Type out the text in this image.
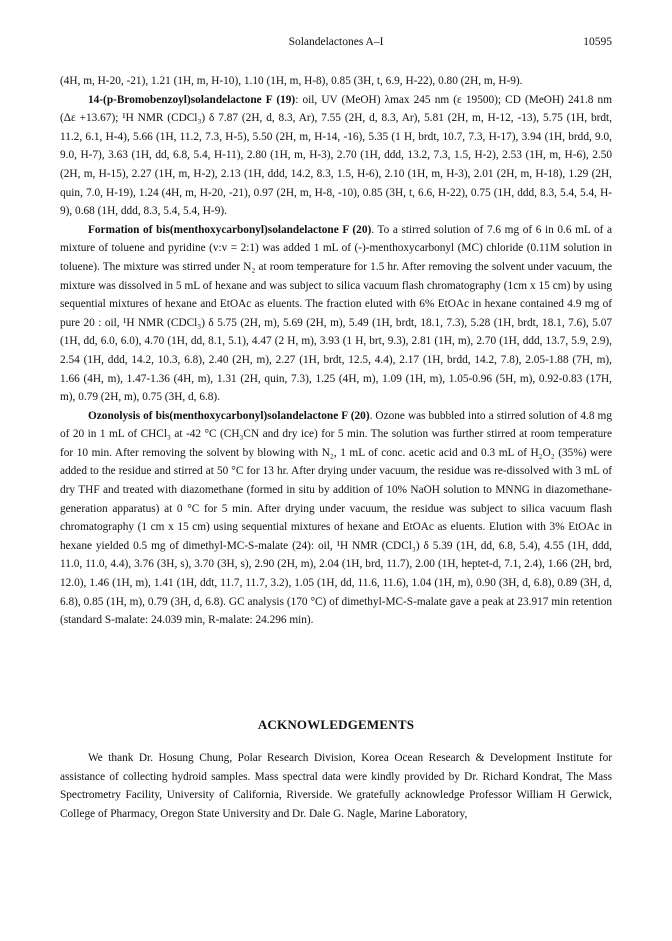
Solandelactones A–I	10595

(4H, m, H-20, -21), 1.21 (1H, m, H-10), 1.10 (1H, m, H-8), 0.85 (3H, t, 6.9, H-22), 0.80 (2H, m, H-9).

14-(p-Bromobenzoyl)solandelactone F (19): oil, UV (MeOH) λmax 245 nm (ε 19500); CD (MeOH) 241.8 nm (Δε +13.67); ¹H NMR (CDCl₃) δ 7.87 (2H, d, 8.3, Ar), 7.55 (2H, d, 8.3, Ar), 5.81 (2H, m, H-12, -13), 5.75 (1H, brdt, 11.2, 6.1, H-4), 5.66 (1H, 11.2, 7.3, H-5), 5.50 (2H, m, H-14, -16), 5.35 (1 H, brdt, 10.7, 7.3, H-17), 3.94 (1H, brdd, 9.0, 9.0, H-7), 3.63 (1H, dd, 6.8, 5.4, H-11), 2.80 (1H, m, H-3), 2.70 (1H, ddd, 13.2, 7.3, 1.5, H-2), 2.53 (1H, m, H-6), 2.50 (2H, m, H-15), 2.27 (1H, m, H-2), 2.13 (1H, ddd, 14.2, 8.3, 1.5, H-6), 2.10 (1H, m, H-3), 2.01 (2H, m, H-18), 1.29 (2H, quin, 7.0, H-19), 1.24 (4H, m, H-20, -21), 0.97 (2H, m, H-8, -10), 0.85 (3H, t, 6.6, H-22), 0.75 (1H, ddd, 8.3, 5.4, 5.4, H-9), 0.68 (1H, ddd, 8.3, 5.4, 5.4, H-9).

Formation of bis(menthoxycarbonyl)solandelactone F (20). To a stirred solution of 7.6 mg of 6 in 0.6 mL of a mixture of toluene and pyridine (v:v = 2:1) was added 1 mL of (-)-menthoxycarbonyl (MC) chloride (0.11M solution in toluene). The mixture was stirred under N₂ at room temperature for 1.5 hr. After removing the solvent under vacuum, the mixture was dissolved in 5 mL of hexane and was subject to silica vacuum flash chromatography (1cm x 15 cm) by using sequential mixtures of hexane and EtOAc as eluents. The fraction eluted with 6% EtOAc in hexane contained 4.9 mg of pure 20 : oil, ¹H NMR (CDCl₃) δ 5.75 (2H, m), 5.69 (2H, m), 5.49 (1H, brdt, 18.1, 7.3), 5.28 (1H, brdt, 18.1, 7.6), 5.07 (1H, dd, 6.0, 6.0), 4.70 (1H, dd, 8.1, 5.1), 4.47 (2 H, m), 3.93 (1 H, brt, 9.3), 2.81 (1H, m), 2.70 (1H, ddd, 13.7, 5.9, 2.9), 2.54 (1H, ddd, 14.2, 10.3, 6.8), 2.40 (2H, m), 2.27 (1H, brdt, 12.5, 4.4), 2.17 (1H, brdd, 14.2, 7.8), 2.05-1.88 (7H, m), 1.66 (4H, m), 1.47-1.36 (4H, m), 1.31 (2H, quin, 7.3), 1.25 (4H, m), 1.09 (1H, m), 1.05-0.96 (5H, m), 0.92-0.83 (17H, m), 0.79 (2H, m), 0.75 (3H, d, 6.8).

Ozonolysis of bis(menthoxycarbonyl)solandelactone F (20). Ozone was bubbled into a stirred solution of 4.8 mg of 20 in 1 mL of CHCl₃ at -42 °C (CH₃CN and dry ice) for 5 min. The solution was further stirred at room temperature for 10 min. After removing the solvent by blowing with N₂, 1 mL of conc. acetic acid and 0.3 mL of H₂O₂ (35%) were added to the residue and stirred at 50 °C for 13 hr. After drying under vacuum, the residue was re-dissolved with 3 mL of dry THF and treated with diazomethane (formed in situ by addition of 10% NaOH solution to MNNG in diazomethane-generation apparatus) at 0 °C for 5 min. After drying under vacuum, the residue was subject to silica vacuum flash chromatography (1 cm x 15 cm) using sequential mixtures of hexane and EtOAc as eluents. Elution with 3% EtOAc in hexane yielded 0.5 mg of dimethyl-MC-S-malate (24): oil, ¹H NMR (CDCl₃) δ 5.39 (1H, dd, 6.8, 5.4), 4.55 (1H, ddd, 11.0, 11.0, 4.4), 3.76 (3H, s), 3.70 (3H, s), 2.90 (2H, m), 2.04 (1H, brd, 11.7), 2.00 (1H, heptet-d, 7.1, 2.4), 1.66 (2H, brd, 12.0), 1.46 (1H, m), 1.41 (1H, ddt, 11.7, 11.7, 3.2), 1.05 (1H, dd, 11.6, 11.6), 1.04 (1H, m), 0.90 (3H, d, 6.8), 0.89 (3H, d, 6.8), 0.85 (1H, m), 0.79 (3H, d, 6.8). GC analysis (170 °C) of dimethyl-MC-S-malate gave a peak at 23.917 min retention (standard S-malate: 24.039 min, R-malate: 24.296 min).

ACKNOWLEDGEMENTS

We thank Dr. Hosung Chung, Polar Research Division, Korea Ocean Research & Development Institute for assistance of collecting hydroid samples. Mass spectral data were kindly provided by Dr. Richard Kondrat, The Mass Spectrometry Facility, University of California, Riverside. We gratefully acknowledge Professor William H Gerwick, College of Pharmacy, Oregon State University and Dr. Dale G. Nagle, Marine Laboratory,
